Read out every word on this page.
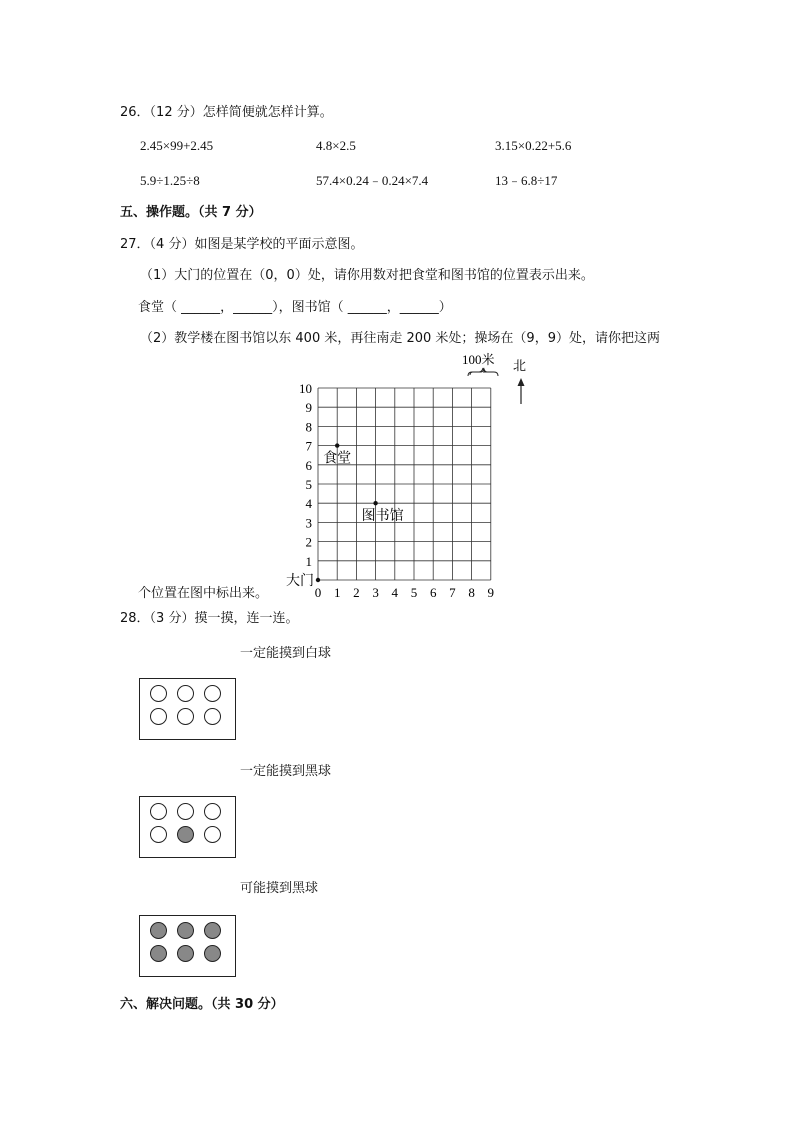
26．（12 分）怎样简便就怎样计算。
2.45×99+2.45	4.8×2.5	3.15×0.22+5.6
5.9÷1.25÷8	57.4×0.24﹣0.24×7.4	13﹣6.8÷17
五、操作题。（共 7 分）
27．（4 分）如图是某学校的平面示意图。
（1）大门的位置在（0，0）处，请你用数对把食堂和图书馆的位置表示出来。
食堂（ ______，______），图书馆（ ______，______）
（2）教学楼在图书馆以东 400 米，再往南走 200 米处；操场在（9，9）处，请你把这两
个位置在图中标出来。
1
2
3
4
5
6
7
8
9
10
0 1 2 3 4 5 6 7 8 9
食堂
图书馆
大门
100米 北
28．（3 分）摸一摸，连一连。
一定能摸到白球
一定能摸到黑球
可能摸到黑球
六、解决问题。（共 30 分）
